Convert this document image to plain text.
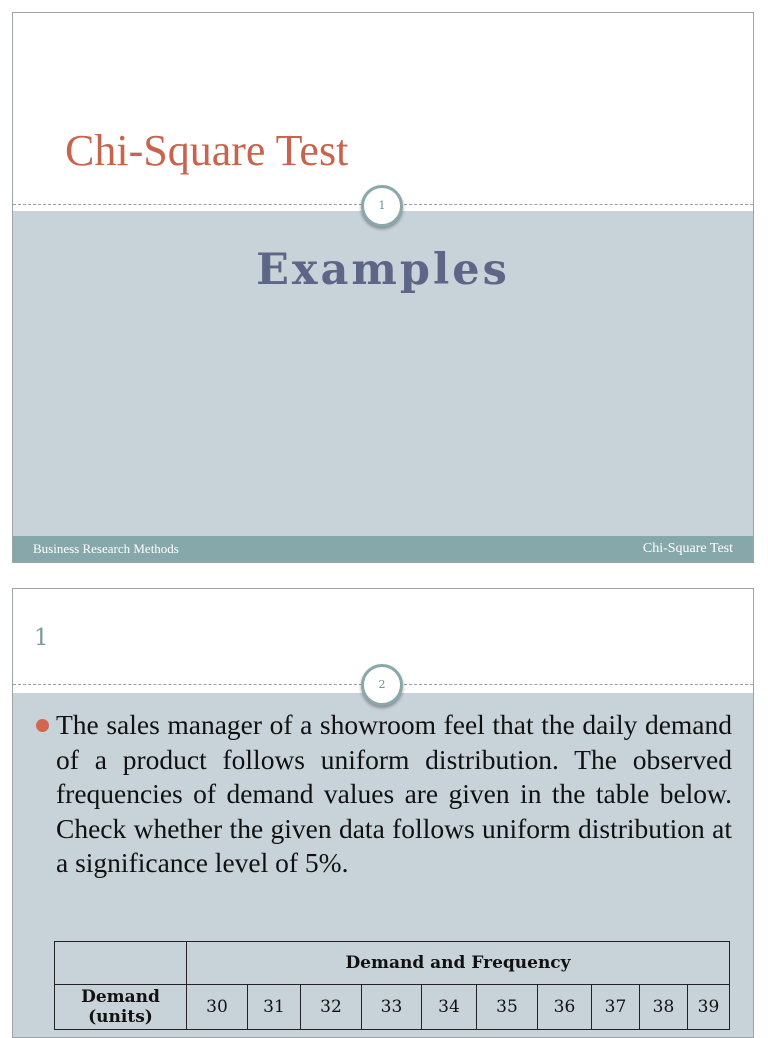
Chi-Square Test
1
Examples
Business Research Methods	Chi-Square Test
1
2

The sales manager of a showroom feel that the daily demand of a product follows uniform distribution. The observed frequencies of demand values are given in the table below. Check whether the given data follows uniform distribution at a significance level of 5%.

	Demand and Frequency									
Demand (units)	30	31	32	33	34	35	36	37	38	39
